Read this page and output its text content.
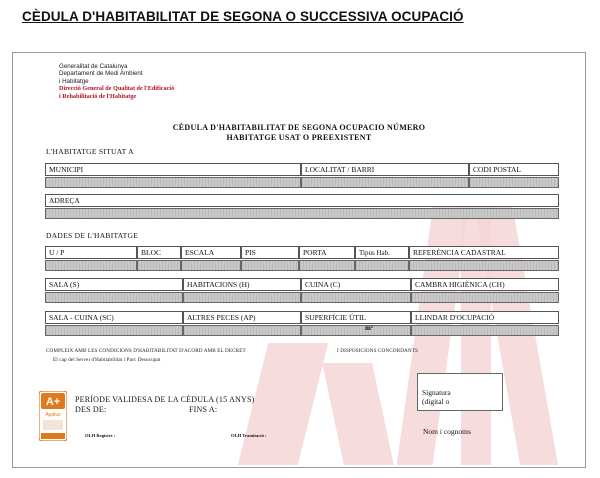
CÈDULA D'HABITABILITAT DE SEGONA O SUCCESSIVA OCUPACIÓ
Generalitat de Catalunya
Departament de Medi Ambient
i Habitatge
Direcció General de Qualitat de l'Edificació
i Rehabilitació de l'Habitatge
CÈDULA D'HABITABILITAT DE SEGONA OCUPACIO NÚMERO
HABITATGE USAT O PREEXISTENT
L'HABITATGE SITUAT A
MUNICIPI	LOCALITAT / BARRI	CODI POSTAL
ADREÇA
DADES DE L'HABITATGE
U / P	BLOC	ESCALA	PIS	PORTA	Tipus Hab.	REFERÈNCIA CADASTRAL
SALA (S)	HABITACIONS (H)	CUINA (C)	CAMBRA HIGIÈNICA (CH)
SALA - CUINA (SC)	ALTRES PECES (AP)	SUPERFÍCIE ÚTIL	LLINDAR D'OCUPACIÓ
m²
COMPLEIX AMB LES CONDICIONS D'HABITABILITAT D'ACORD AMB EL DECRET	I DISPOSICIONS CONCORDANTS
El cap del Servei d'Habitabilitat i Parc Desocupat
A+
Applus
PERÍODE VALIDESA DE LA CÈDULA (15 ANYS)
DES DE:	FINS A:
OLH Registre :	OLH Tramitació :
Signatura
(digital o
Nom i cognoms
